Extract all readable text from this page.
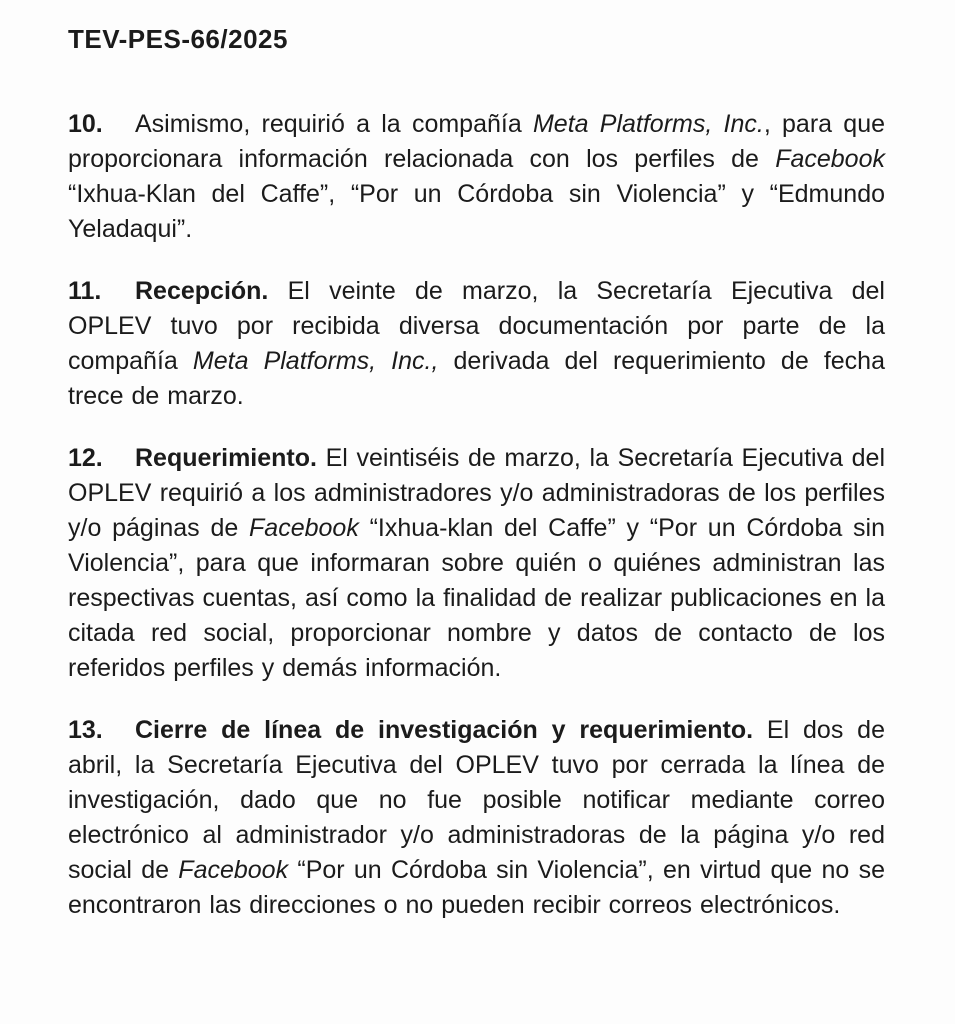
TEV-PES-66/2025

10. Asimismo, requirió a la compañía Meta Platforms, Inc., para que proporcionara información relacionada con los perfiles de Facebook “Ixhua-Klan del Caffe”, “Por un Córdoba sin Violencia” y “Edmundo Yeladaqui”.

11. Recepción. El veinte de marzo, la Secretaría Ejecutiva del OPLEV tuvo por recibida diversa documentación por parte de la compañía Meta Platforms, Inc., derivada del requerimiento de fecha trece de marzo.

12. Requerimiento. El veintiséis de marzo, la Secretaría Ejecutiva del OPLEV requirió a los administradores y/o administradoras de los perfiles y/o páginas de Facebook “Ixhua-klan del Caffe” y “Por un Córdoba sin Violencia”, para que informaran sobre quién o quiénes administran las respectivas cuentas, así como la finalidad de realizar publicaciones en la citada red social, proporcionar nombre y datos de contacto de los referidos perfiles y demás información.

13. Cierre de línea de investigación y requerimiento. El dos de abril, la Secretaría Ejecutiva del OPLEV tuvo por cerrada la línea de investigación, dado que no fue posible notificar mediante correo electrónico al administrador y/o administradoras de la página y/o red social de Facebook “Por un Córdoba sin Violencia”, en virtud que no se encontraron las direcciones o no pueden recibir correos electrónicos.
